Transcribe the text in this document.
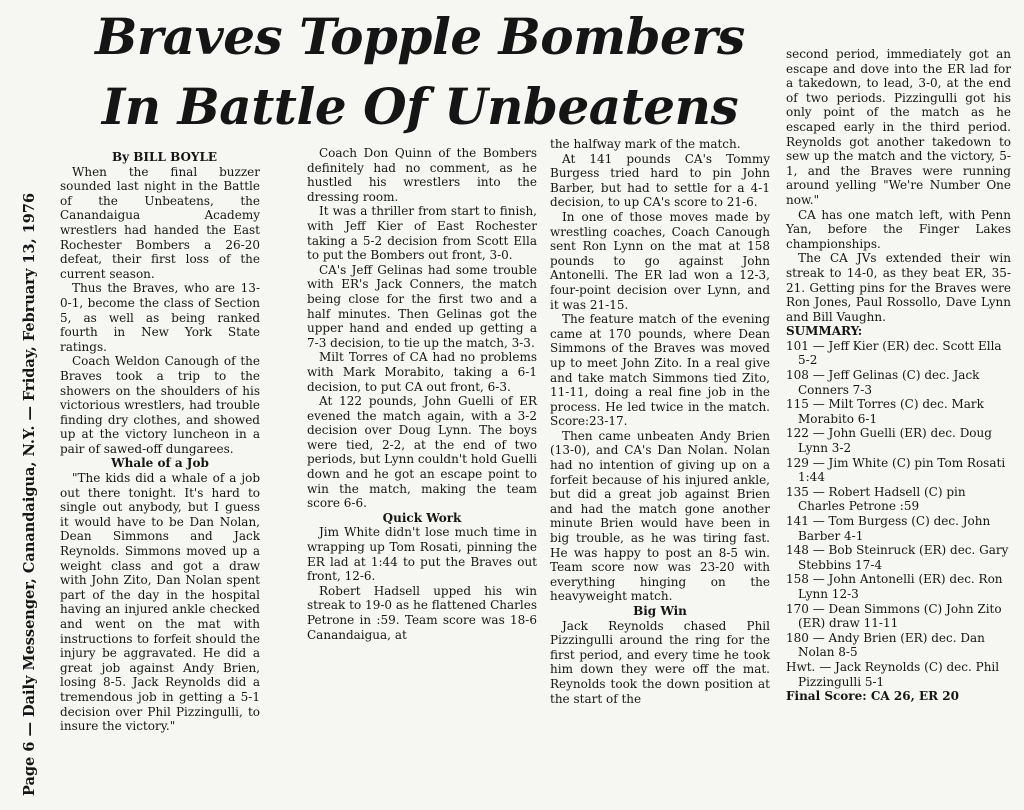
Braves Topple Bombers
In Battle Of Unbeatens
Page 6 — Daily Messenger, Canandaigua, N.Y. — Friday, February 13, 1976

By BILL BOYLE

When the final buzzer sounded last night in the Battle of the Unbeatens, the Canandaigua Academy wrestlers had handed the East Rochester Bombers a 26-20 defeat, their first loss of the current season.

Thus the Braves, who are 13-0-1, become the class of Section 5, as well as being ranked fourth in New York State ratings.

Coach Weldon Canough of the Braves took a trip to the showers on the shoulders of his victorious wrestlers, had trouble finding dry clothes, and showed up at the victory luncheon in a pair of sawed-off dungarees.

Whale of a Job

"The kids did a whale of a job out there tonight. It's hard to single out anybody, but I guess it would have to be Dan Nolan, Dean Simmons and Jack Reynolds. Simmons moved up a weight class and got a draw with John Zito, Dan Nolan spent part of the day in the hospital having an injured ankle checked and went on the mat with instructions to forfeit should the injury be aggravated. He did a great job against Andy Brien, losing 8-5. Jack Reynolds did a tremendous job in getting a 5-1 decision over Phil Pizzingulli, to insure the victory."

Coach Don Quinn of the Bombers definitely had no comment, as he hustled his wrestlers into the dressing room.

It was a thriller from start to finish, with Jeff Kier of East Rochester taking a 5-2 decision from Scott Ella to put the Bombers out front, 3-0.

CA's Jeff Gelinas had some trouble with ER's Jack Conners, the match being close for the first two and a half minutes. Then Gelinas got the upper hand and ended up getting a 7-3 decision, to tie up the match, 3-3.

Milt Torres of CA had no problems with Mark Morabito, taking a 6-1 decision, to put CA out front, 6-3.

At 122 pounds, John Guelli of ER evened the match again, with a 3-2 decision over Doug Lynn. The boys were tied, 2-2, at the end of two periods, but Lynn couldn't hold Guelli down and he got an escape point to win the match, making the team score 6-6.

Quick Work

Jim White didn't lose much time in wrapping up Tom Rosati, pinning the ER lad at 1:44 to put the Braves out front, 12-6.

Robert Hadsell upped his win streak to 19-0 as he flattened Charles Petrone in :59. Team score was 18-6 Canandaigua, at

the halfway mark of the match.

At 141 pounds CA's Tommy Burgess tried hard to pin John Barber, but had to settle for a 4-1 decision, to up CA's score to 21-6.

In one of those moves made by wrestling coaches, Coach Canough sent Ron Lynn on the mat at 158 pounds to go against John Antonelli. The ER lad won a 12-3, four-point decision over Lynn, and it was 21-15.

The feature match of the evening came at 170 pounds, where Dean Simmons of the Braves was moved up to meet John Zito. In a real give and take match Simmons tied Zito, 11-11, doing a real fine job in the process. He led twice in the match. Score:23-17.

Then came unbeaten Andy Brien (13-0), and CA's Dan Nolan. Nolan had no intention of giving up on a forfeit because of his injured ankle, but did a great job against Brien and had the match gone another minute Brien would have been in big trouble, as he was tiring fast. He was happy to post an 8-5 win. Team score now was 23-20 with everything hinging on the heavyweight match.

Big Win

Jack Reynolds chased Phil Pizzingulli around the ring for the first period, and every time he took him down they were off the mat. Reynolds took the down position at the start of the

second period, immediately got an escape and dove into the ER lad for a takedown, to lead, 3-0, at the end of two periods. Pizzingulli got his only point of the match as he escaped early in the third period. Reynolds got another takedown to sew up the match and the victory, 5-1, and the Braves were running around yelling "We're Number One now."

CA has one match left, with Penn Yan, before the Finger Lakes championships.

The CA JVs extended their win streak to 14-0, as they beat ER, 35-21. Getting pins for the Braves were Ron Jones, Paul Rossollo, Dave Lynn and Bill Vaughn.

SUMMARY:

101 — Jeff Kier (ER) dec. Scott Ella 5-2
108 — Jeff Gelinas (C) dec. Jack Conners 7-3
115 — Milt Torres (C) dec. Mark Morabito 6-1
122 — John Guelli (ER) dec. Doug Lynn 3-2
129 — Jim White (C) pin Tom Rosati 1:44
135 — Robert Hadsell (C) pin Charles Petrone :59
141 — Tom Burgess (C) dec. John Barber 4-1
148 — Bob Steinruck (ER) dec. Gary Stebbins 17-4
158 — John Antonelli (ER) dec. Ron Lynn 12-3
170 — Dean Simmons (C) John Zito (ER) draw 11-11
180 — Andy Brien (ER) dec. Dan Nolan 8-5
Hwt. — Jack Reynolds (C) dec. Phil Pizzingulli 5-1

Final Score: CA 26, ER 20
